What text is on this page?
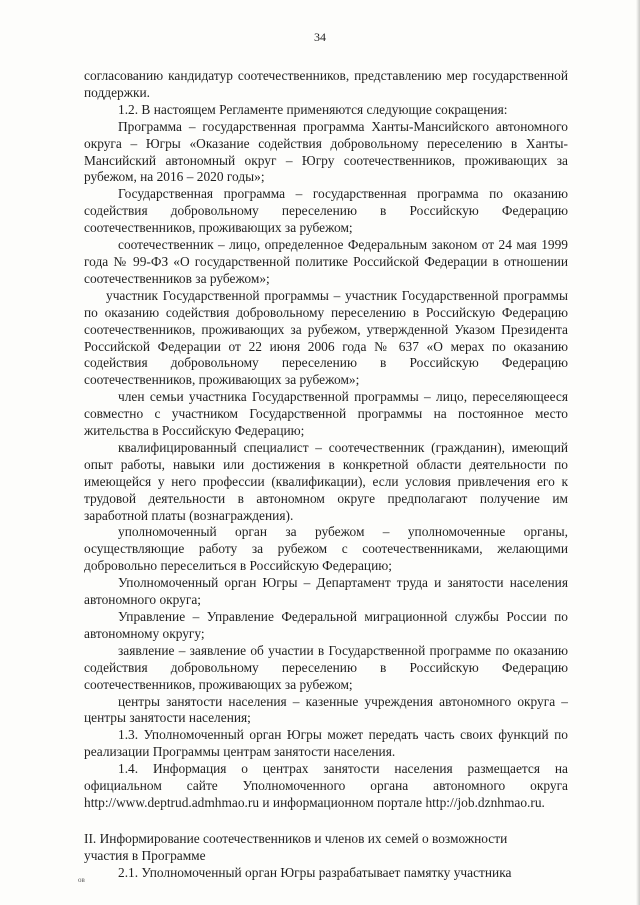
34

согласованию кандидатур соотечественников, представлению мер государственной поддержки.

1.2. В настоящем Регламенте применяются следующие сокращения:

Программа – государственная программа Ханты-Мансийского автономного округа – Югры «Оказание содействия добровольному переселению в Ханты-Мансийский автономный округ – Югру соотечественников, проживающих за рубежом, на 2016 – 2020 годы»;

Государственная программа – государственная программа по оказанию содействия добровольному переселению в Российскую Федерацию соотечественников, проживающих за рубежом;

соотечественник – лицо, определенное Федеральным законом от 24 мая 1999 года № 99-ФЗ «О государственной политике Российской Федерации в отношении соотечественников за рубежом»;

участник Государственной программы – участник Государственной программы по оказанию содействия добровольному переселению в Российскую Федерацию соотечественников, проживающих за рубежом, утвержденной Указом Президента Российской Федерации от 22 июня 2006 года № 637 «О мерах по оказанию содействия добровольному переселению в Российскую Федерацию соотечественников, проживающих за рубежом»;

член семьи участника Государственной программы – лицо, переселяющееся совместно с участником Государственной программы на постоянное место жительства в Российскую Федерацию;

квалифицированный специалист – соотечественник (гражданин), имеющий опыт работы, навыки или достижения в конкретной области деятельности по имеющейся у него профессии (квалификации), если условия привлечения его к трудовой деятельности в автономном округе предполагают получение им заработной платы (вознаграждения).

уполномоченный орган за рубежом – уполномоченные органы, осуществляющие работу за рубежом с соотечественниками, желающими добровольно переселиться в Российскую Федерацию;

Уполномоченный орган Югры – Департамент труда и занятости населения автономного округа;

Управление – Управление Федеральной миграционной службы России по автономному округу;

заявление – заявление об участии в Государственной программе по оказанию содействия добровольному переселению в Российскую Федерацию соотечественников, проживающих за рубежом;

центры занятости населения – казенные учреждения автономного округа – центры занятости населения;

1.3. Уполномоченный орган Югры может передать часть своих функций по реализации Программы центрам занятости населения.

1.4. Информация о центрах занятости населения размещается на официальном сайте Уполномоченного органа автономного округа http://www.deptrud.admhmao.ru и информационном портале http://job.dznhmao.ru.

II. Информирование соотечественников и членов их семей о возможности

участия в Программе

2.1. Уполномоченный орган Югры разрабатывает памятку участника

ов
